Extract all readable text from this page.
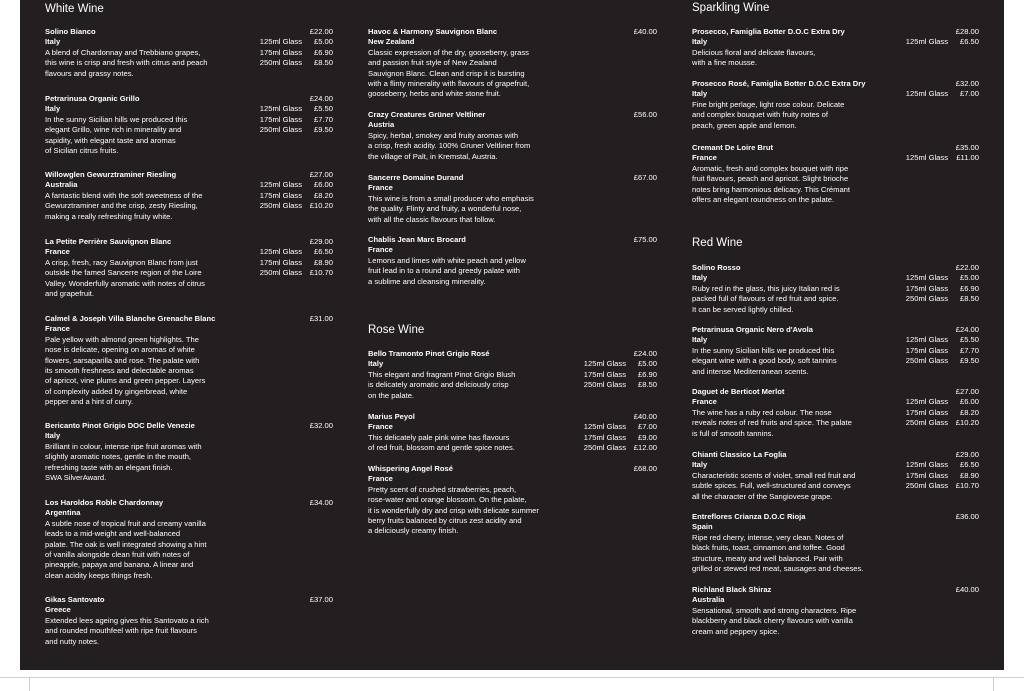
White Wine
Solino Bianco	£22.00
Italy
A blend of Chardonnay and Trebbiano grapes,
this wine is crisp and fresh with citrus and peach
flavours and grassy notes.
125ml Glass	£5.00
175ml Glass	£6.90
250ml Glass	£8.50
Petrarinusa Organic Grillo	£24.00
Italy
In the sunny Sicilian hills we produced this
elegant Grillo, wine rich in minerality and
sapidity, with elegant taste and aromas
of Sicilian citrus fruits.
125ml Glass	£5.50
175ml Glass	£7.70
250ml Glass	£9.50
Willowglen Gewurztraminer Riesling	£27.00
Australia
A fantastic blend with the soft sweetness of the
Gewurztraminer and the crisp, zesty Riesling,
making a really refreshing fruity white.
125ml Glass	£6.00
175ml Glass	£8.20
250ml Glass	£10.20
La Petite Perrière Sauvignon Blanc	£29.00
France
A crisp, fresh, racy Sauvignon Blanc from just
outside the famed Sancerre region of the Loire
Valley. Wonderfully aromatic with notes of citrus
and grapefruit.
125ml Glass	£6.50
175ml Glass	£8.90
250ml Glass	£10.70
Calmel & Joseph Villa Blanche Grenache Blanc	£31.00
France
Pale yellow with almond green highlights. The
nose is delicate, opening on aromas of white
flowers, sarsaparilla and rose. The palate with
its smooth freshness and delectable aromas
of apricot, vine plums and green pepper. Layers
of complexity added by gingerbread, white
pepper and a hint of curry.
Bericanto Pinot Grigio DOC Delle Venezie	£32.00
Italy
Brilliant in colour, intense ripe fruit aromas with
slightly aromatic notes, gentle in the mouth,
refreshing taste with an elegant finish.
SWA SilverAward.
Los Haroldos Roble Chardonnay	£34.00
Argentina
A subtle nose of tropical fruit and creamy vanilla
leads to a mid-weight and well-balanced
palate. The oak is well integrated showing a hint
of vanilla alongside clean fruit with notes of
pineapple, papaya and banana. A linear and
clean acidity keeps things fresh.
Gikas Santovato	£37.00
Greece
Extended lees ageing gives this Santovato a rich
and rounded mouthfeel with ripe fruit flavours
and nutty notes.
Havoc & Harmony Sauvignon Blanc	£40.00
New Zealand
Classic expression of the dry, gooseberry, grass
and passion fruit style of New Zealand
Sauvignon Blanc. Clean and crisp it is bursting
with a flinty minerality with flavours of grapefruit,
gooseberry, herbs and white stone fruit.
Crazy Creatures Grüner Veltliner	£56.00
Austria
Spicy, herbal, smokey and fruity aromas with
a crisp, fresh acidity. 100% Gruner Veltliner from
the village of Palt, in Kremstal, Austria.
Sancerre Domaine Durand	£67.00
France
This wine is from a small producer who emphasis
the quality. Flinty and fruity, a wonderful nose,
with all the classic flavours that follow.
Chablis Jean Marc Brocard	£75.00
France
Lemons and limes with white peach and yellow
fruit lead in to a round and greedy palate with
a sublime and cleansing minerality.
Rose Wine
Bello Tramonto Pinot Grigio Rosé	£24.00
Italy
This elegant and fragrant Pinot Grigio Blush
is delicately aromatic and deliciously crisp
on the palate.
125ml Glass	£5.00
175ml Glass	£6.90
250ml Glass	£8.50
Marius Peyol	£40.00
France
This delicately pale pink wine has flavours
of red fruit, blossom and gentle spice notes.
125ml Glass	£7.00
175ml Glass	£9.00
250ml Glass	£12.00
Whispering Angel Rosé	£68.00
France
Pretty scent of crushed strawberries, peach,
rose-water and orange blossom. On the palate,
it is wonderfully dry and crisp with delicate summer
berry fruits balanced by citrus zest acidity and
a deliciously creamy finish.
Sparkling Wine
Prosecco, Famiglia Botter D.O.C Extra Dry	£28.00
Italy
Delicious floral and delicate flavours,
with a fine mousse.
125ml Glass	£6.50
Prosecco Rosé, Famiglia Botter D.O.C Extra Dry	£32.00
Italy
Fine bright perlage, light rose colour. Delicate
and complex bouquet with fruity notes of
peach, green apple and lemon.
125ml Glass	£7.00
Cremant De Loire Brut	£35.00
France
Aromatic, fresh and complex bouquet with ripe
fruit flavours, peach and apricot. Slight brioche
notes bring harmonious delicacy. This Crémant
offers an elegant roundness on the palate.
125ml Glass	£11.00
Red Wine
Solino Rosso	£22.00
Italy
Ruby red in the glass, this juicy Italian red is
packed full of flavours of red fruit and spice.
It can be served lightly chilled.
125ml Glass	£5.00
175ml Glass	£6.90
250ml Glass	£8.50
Petrarinusa Organic Nero d'Avola	£24.00
Italy
In the sunny Sicilian hills we produced this
elegant wine with a good body, soft tannins
and intense Mediterranean scents.
125ml Glass	£5.50
175ml Glass	£7.70
250ml Glass	£9.50
Daguet de Berticot Merlot	£27.00
France
The wine has a ruby red colour. The nose
reveals notes of red fruits and spice. The palate
is full of smooth tannins.
125ml Glass	£6.00
175ml Glass	£8.20
250ml Glass	£10.20
Chianti Classico La Foglia	£29.00
Italy
Characteristic scents of violet, small red fruit and
subtle spices. Full, well-structured and conveys
all the character of the Sangiovese grape.
125ml Glass	£6.50
175ml Glass	£8.90
250ml Glass	£10.70
Entreflores Crianza D.O.C Rioja	£36.00
Spain
Ripe red cherry, intense, very clean. Notes of
black fruits, toast, cinnamon and toffee. Good
structure, meaty and well balanced. Pair with
grilled or stewed red meat, sausages and cheeses.
Richland Black Shiraz	£40.00
Australia
Sensational, smooth and strong characters. Ripe
blackberry and black cherry flavours with vanilla
cream and peppery spice.
